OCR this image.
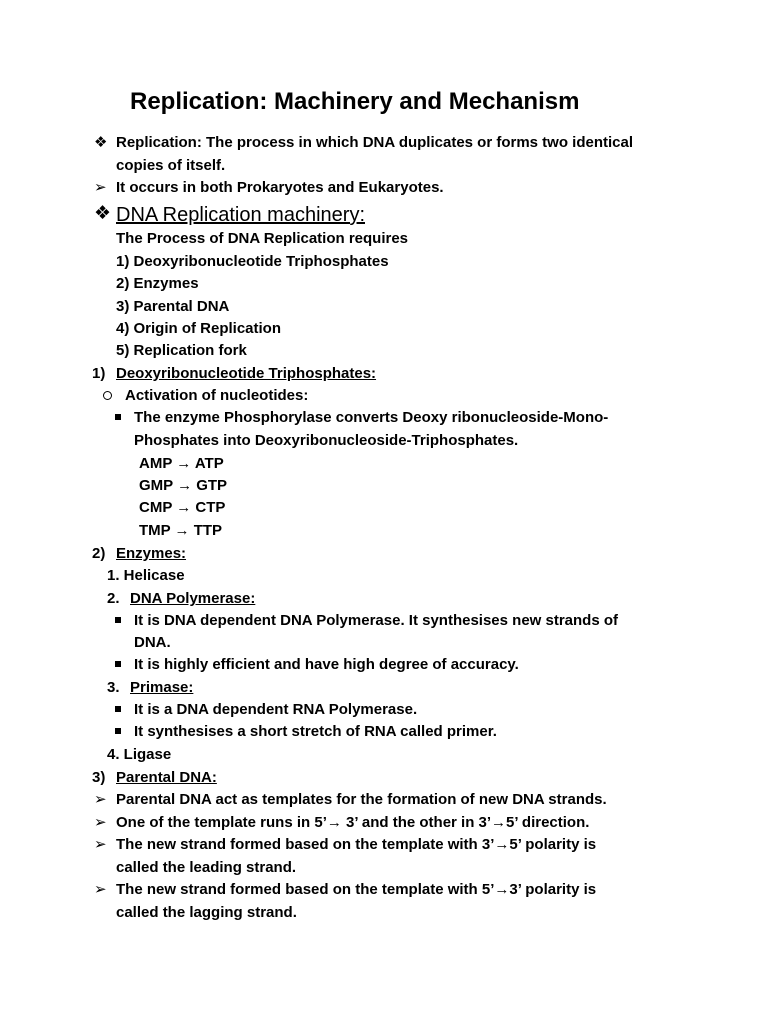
Replication: Machinery and Mechanism
❖ Replication: The process in which DNA duplicates or forms two identical
copies of itself.
➢ It occurs in both Prokaryotes and Eukaryotes.
❖ DNA Replication machinery:
The Process of DNA Replication requires
1) Deoxyribonucleotide Triphosphates
2) Enzymes
3) Parental DNA
4) Origin of Replication
5) Replication fork
1) Deoxyribonucleotide Triphosphates:
Activation of nucleotides:
The enzyme Phosphorylase converts Deoxy ribonucleoside-Mono-
Phosphates into Deoxyribonucleoside-Triphosphates.
AMP → ATP
GMP → GTP
CMP → CTP
TMP → TTP
2) Enzymes:
1. Helicase
2. DNA Polymerase:
It is DNA dependent DNA Polymerase. It synthesises new strands of
DNA.
It is highly efficient and have high degree of accuracy.
3. Primase:
It is a DNA dependent RNA Polymerase.
It synthesises a short stretch of RNA called primer.
4. Ligase
3) Parental DNA:
➢ Parental DNA act as templates for the formation of new DNA strands.
➢ One of the template runs in 5’→ 3’ and the other in 3’→5’ direction.
➢ The new strand formed based on the template with 3’→5’ polarity is
called the leading strand.
➢ The new strand formed based on the template with 5’→3’ polarity is
called the lagging strand.
